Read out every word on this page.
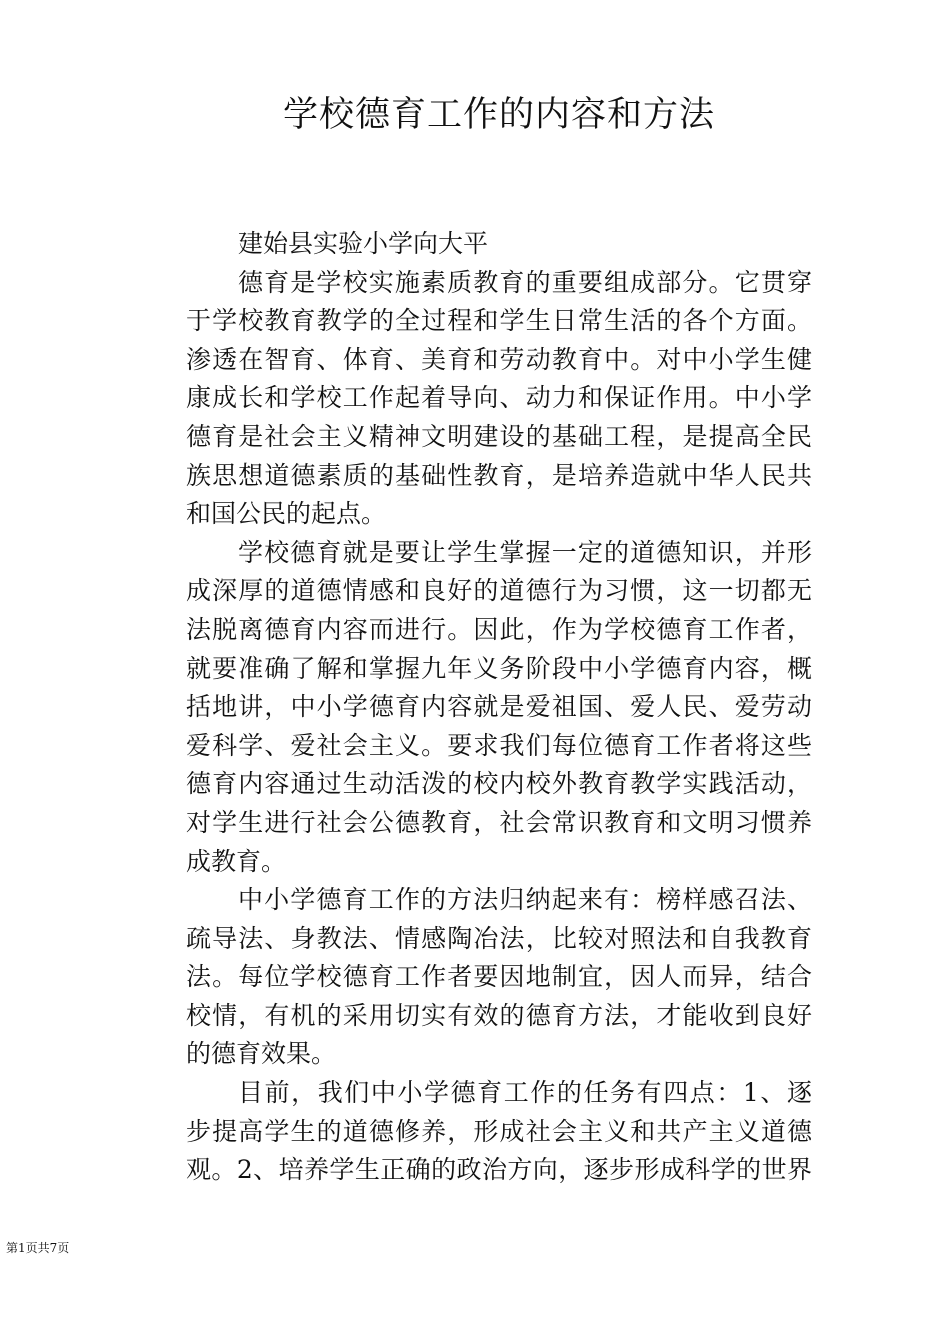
学校德育工作的内容和方法
建始县实验小学向大平
德育是学校实施素质教育的重要组成部分。它贯穿
于学校教育教学的全过程和学生日常生活的各个方面。
渗透在智育、体育、美育和劳动教育中。对中小学生健
康成长和学校工作起着导向、动力和保证作用。中小学
德育是社会主义精神文明建设的基础工程，是提高全民
族思想道德素质的基础性教育，是培养造就中华人民共
和国公民的起点。
学校德育就是要让学生掌握一定的道德知识，并形
成深厚的道德情感和良好的道德行为习惯，这一切都无
法脱离德育内容而进行。因此，作为学校德育工作者，
就要准确了解和掌握九年义务阶段中小学德育内容，概
括地讲，中小学德育内容就是爱祖国、爱人民、爱劳动
爱科学、爱社会主义。要求我们每位德育工作者将这些
德育内容通过生动活泼的校内校外教育教学实践活动，
对学生进行社会公德教育，社会常识教育和文明习惯养
成教育。
中小学德育工作的方法归纳起来有：榜样感召法、
疏导法、身教法、情感陶冶法，比较对照法和自我教育
法。每位学校德育工作者要因地制宜，因人而异，结合
校情，有机的采用切实有效的德育方法，才能收到良好
的德育效果。
目前，我们中小学德育工作的任务有四点：1、逐
步提高学生的道德修养，形成社会主义和共产主义道德
观。2、培养学生正确的政治方向，逐步形成科学的世界
第1页共7页
